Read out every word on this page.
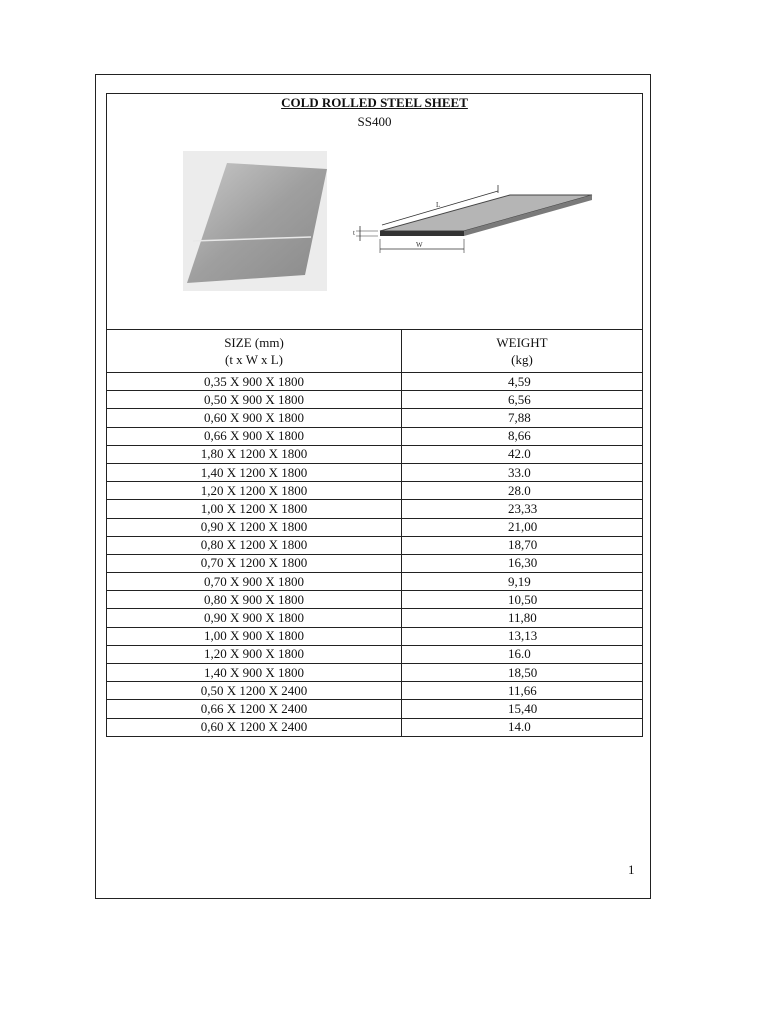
COLD ROLLED STEEL SHEET
SS400
L
W
t
SIZE (mm)
(t x W x L)	WEIGHT
(kg)
0,35 X 900 X 1800	4,59
0,50 X 900 X 1800	6,56
0,60 X 900 X 1800	7,88
0,66 X 900 X 1800	8,66
1,80 X 1200 X 1800	42.0
1,40 X 1200 X 1800	33.0
1,20 X 1200 X 1800	28.0
1,00 X 1200 X 1800	23,33
0,90 X 1200 X 1800	21,00
0,80 X 1200 X 1800	18,70
0,70 X 1200 X 1800	16,30
0,70 X 900 X 1800	9,19
0,80 X 900 X 1800	10,50
0,90 X 900 X 1800	11,80
1,00 X 900 X 1800	13,13
1,20 X 900 X 1800	16.0
1,40 X 900 X 1800	18,50
0,50 X 1200 X 2400	11,66
0,66 X 1200 X 2400	15,40
0,60 X 1200 X 2400	14.0
1
